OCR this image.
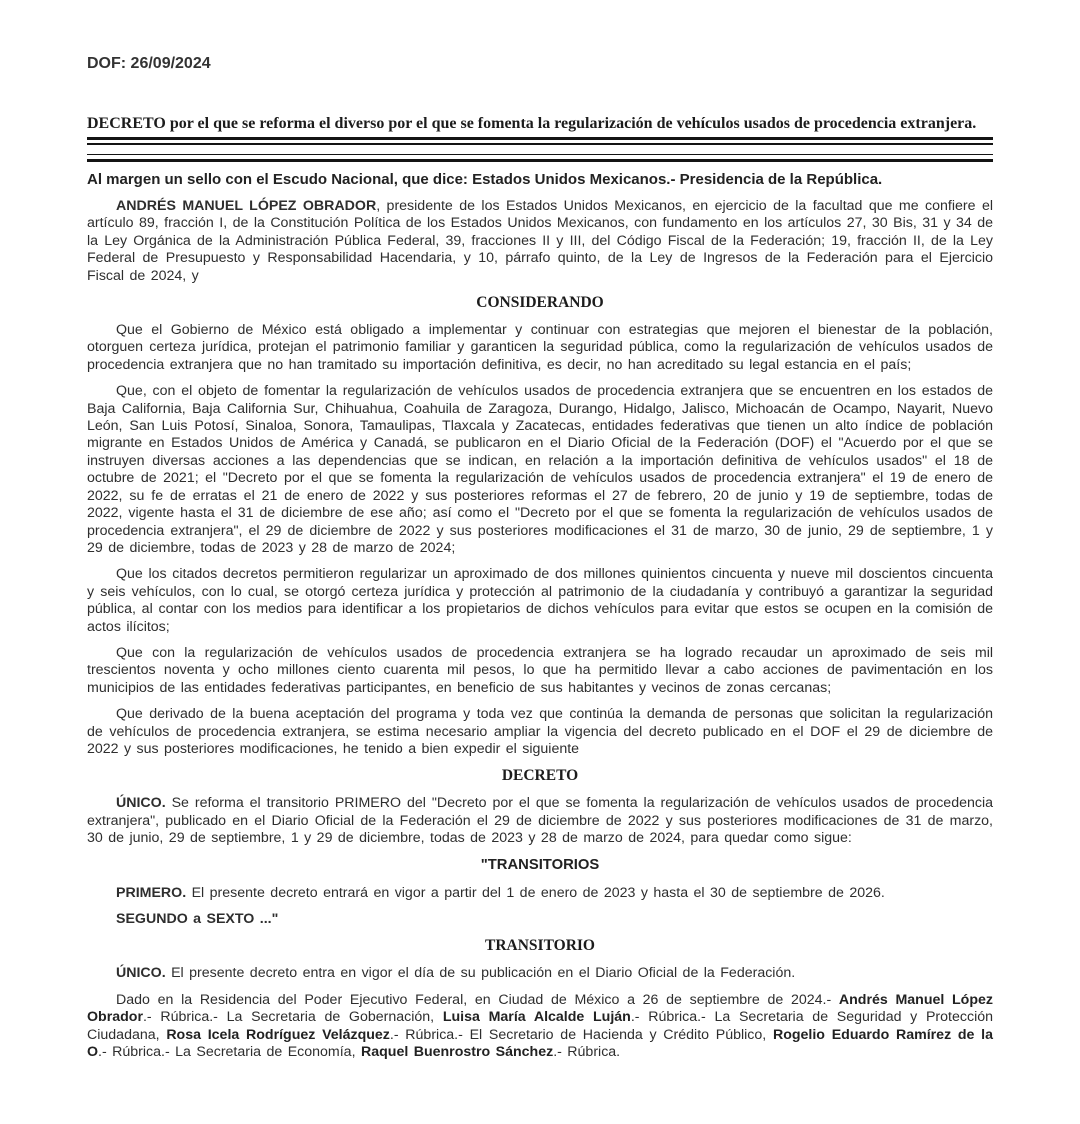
DOF: 26/09/2024

DECRETO por el que se reforma el diverso por el que se fomenta la regularización de vehículos usados de procedencia extranjera.

Al margen un sello con el Escudo Nacional, que dice: Estados Unidos Mexicanos.- Presidencia de la República.

ANDRÉS MANUEL LÓPEZ OBRADOR, presidente de los Estados Unidos Mexicanos, en ejercicio de la facultad que me confiere el artículo 89, fracción I, de la Constitución Política de los Estados Unidos Mexicanos, con fundamento en los artículos 27, 30 Bis, 31 y 34 de la Ley Orgánica de la Administración Pública Federal, 39, fracciones II y III, del Código Fiscal de la Federación; 19, fracción II, de la Ley Federal de Presupuesto y Responsabilidad Hacendaria, y 10, párrafo quinto, de la Ley de Ingresos de la Federación para el Ejercicio Fiscal de 2024, y

CONSIDERANDO

Que el Gobierno de México está obligado a implementar y continuar con estrategias que mejoren el bienestar de la población, otorguen certeza jurídica, protejan el patrimonio familiar y garanticen la seguridad pública, como la regularización de vehículos usados de procedencia extranjera que no han tramitado su importación definitiva, es decir, no han acreditado su legal estancia en el país;

Que, con el objeto de fomentar la regularización de vehículos usados de procedencia extranjera que se encuentren en los estados de Baja California, Baja California Sur, Chihuahua, Coahuila de Zaragoza, Durango, Hidalgo, Jalisco, Michoacán de Ocampo, Nayarit, Nuevo León, San Luis Potosí, Sinaloa, Sonora, Tamaulipas, Tlaxcala y Zacatecas, entidades federativas que tienen un alto índice de población migrante en Estados Unidos de América y Canadá, se publicaron en el Diario Oficial de la Federación (DOF) el "Acuerdo por el que se instruyen diversas acciones a las dependencias que se indican, en relación a la importación definitiva de vehículos usados" el 18 de octubre de 2021; el "Decreto por el que se fomenta la regularización de vehículos usados de procedencia extranjera" el 19 de enero de 2022, su fe de erratas el 21 de enero de 2022 y sus posteriores reformas el 27 de febrero, 20 de junio y 19 de septiembre, todas de 2022, vigente hasta el 31 de diciembre de ese año; así como el "Decreto por el que se fomenta la regularización de vehículos usados de procedencia extranjera", el 29 de diciembre de 2022 y sus posteriores modificaciones el 31 de marzo, 30 de junio, 29 de septiembre, 1 y 29 de diciembre, todas de 2023 y 28 de marzo de 2024;

Que los citados decretos permitieron regularizar un aproximado de dos millones quinientos cincuenta y nueve mil doscientos cincuenta y seis vehículos, con lo cual, se otorgó certeza jurídica y protección al patrimonio de la ciudadanía y contribuyó a garantizar la seguridad pública, al contar con los medios para identificar a los propietarios de dichos vehículos para evitar que estos se ocupen en la comisión de actos ilícitos;

Que con la regularización de vehículos usados de procedencia extranjera se ha logrado recaudar un aproximado de seis mil trescientos noventa y ocho millones ciento cuarenta mil pesos, lo que ha permitido llevar a cabo acciones de pavimentación en los municipios de las entidades federativas participantes, en beneficio de sus habitantes y vecinos de zonas cercanas;

Que derivado de la buena aceptación del programa y toda vez que continúa la demanda de personas que solicitan la regularización de vehículos de procedencia extranjera, se estima necesario ampliar la vigencia del decreto publicado en el DOF el 29 de diciembre de 2022 y sus posteriores modificaciones, he tenido a bien expedir el siguiente

DECRETO

ÚNICO. Se reforma el transitorio PRIMERO del "Decreto por el que se fomenta la regularización de vehículos usados de procedencia extranjera", publicado en el Diario Oficial de la Federación el 29 de diciembre de 2022 y sus posteriores modificaciones de 31 de marzo, 30 de junio, 29 de septiembre, 1 y 29 de diciembre, todas de 2023 y 28 de marzo de 2024, para quedar como sigue:

"TRANSITORIOS

PRIMERO. El presente decreto entrará en vigor a partir del 1 de enero de 2023 y hasta el 30 de septiembre de 2026.

SEGUNDO a SEXTO ..."

TRANSITORIO

ÚNICO. El presente decreto entra en vigor el día de su publicación en el Diario Oficial de la Federación.

Dado en la Residencia del Poder Ejecutivo Federal, en Ciudad de México a 26 de septiembre de 2024.- Andrés Manuel López Obrador.- Rúbrica.- La Secretaria de Gobernación, Luisa María Alcalde Luján.- Rúbrica.- La Secretaria de Seguridad y Protección Ciudadana, Rosa Icela Rodríguez Velázquez.- Rúbrica.- El Secretario de Hacienda y Crédito Público, Rogelio Eduardo Ramírez de la O.- Rúbrica.- La Secretaria de Economía, Raquel Buenrostro Sánchez.- Rúbrica.
